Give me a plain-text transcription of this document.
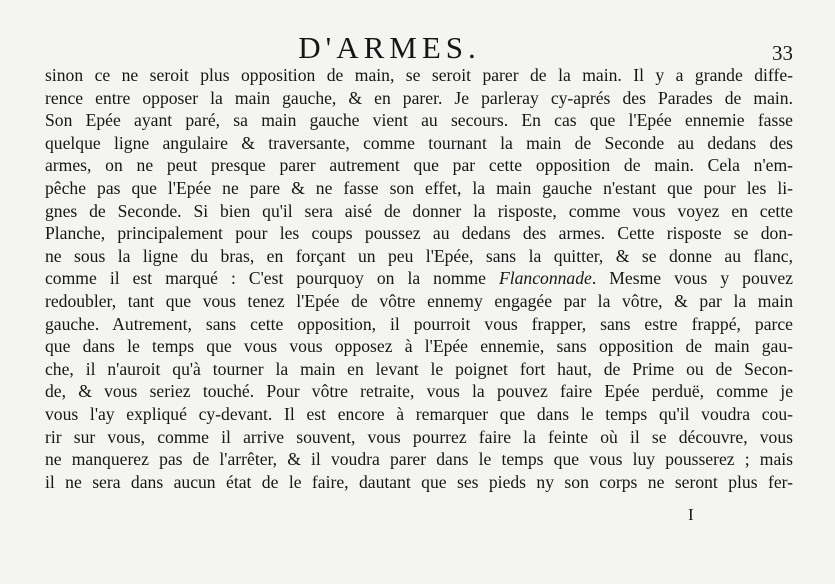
D'ARMES.	33
sinon ce ne seroit plus opposition de main, se seroit parer de la main. Il y a grande diffe-
rence entre opposer la main gauche, & en parer. Je parleray cy-aprés des Parades de main.
Son Epée ayant paré, sa main gauche vient au secours. En cas que l'Epée ennemie fasse
quelque ligne angulaire & traversante, comme tournant la main de Seconde au dedans des
armes, on ne peut presque parer autrement que par cette opposition de main. Cela n'em-
pêche pas que l'Epée ne pare & ne fasse son effet, la main gauche n'estant que pour les li-
gnes de Seconde. Si bien qu'il sera aisé de donner la risposte, comme vous voyez en cette
Planche, principalement pour les coups poussez au dedans des armes. Cette risposte se don-
ne sous la ligne du bras, en forçant un peu l'Epée, sans la quitter, & se donne au flanc,
comme il est marqué : C'est pourquoy on la nomme Flanconnade. Mesme vous y pouvez
redoubler, tant que vous tenez l'Epée de vôtre ennemy engagée par la vôtre, & par la main
gauche. Autrement, sans cette opposition, il pourroit vous frapper, sans estre frappé, parce
que dans le temps que vous vous opposez à l'Epée ennemie, sans opposition de main gau-
che, il n'auroit qu'à tourner la main en levant le poignet fort haut, de Prime ou de Secon-
de, & vous seriez touché. Pour vôtre retraite, vous la pouvez faire Epée perduë, comme je
vous l'ay expliqué cy-devant. Il est encore à remarquer que dans le temps qu'il voudra cou-
rir sur vous, comme il arrive souvent, vous pourrez faire la feinte où il se découvre, vous
ne manquerez pas de l'arrêter, & il voudra parer dans le temps que vous luy pousserez ; mais
il ne sera dans aucun état de le faire, dautant que ses pieds ny son corps ne seront plus fer-
I
